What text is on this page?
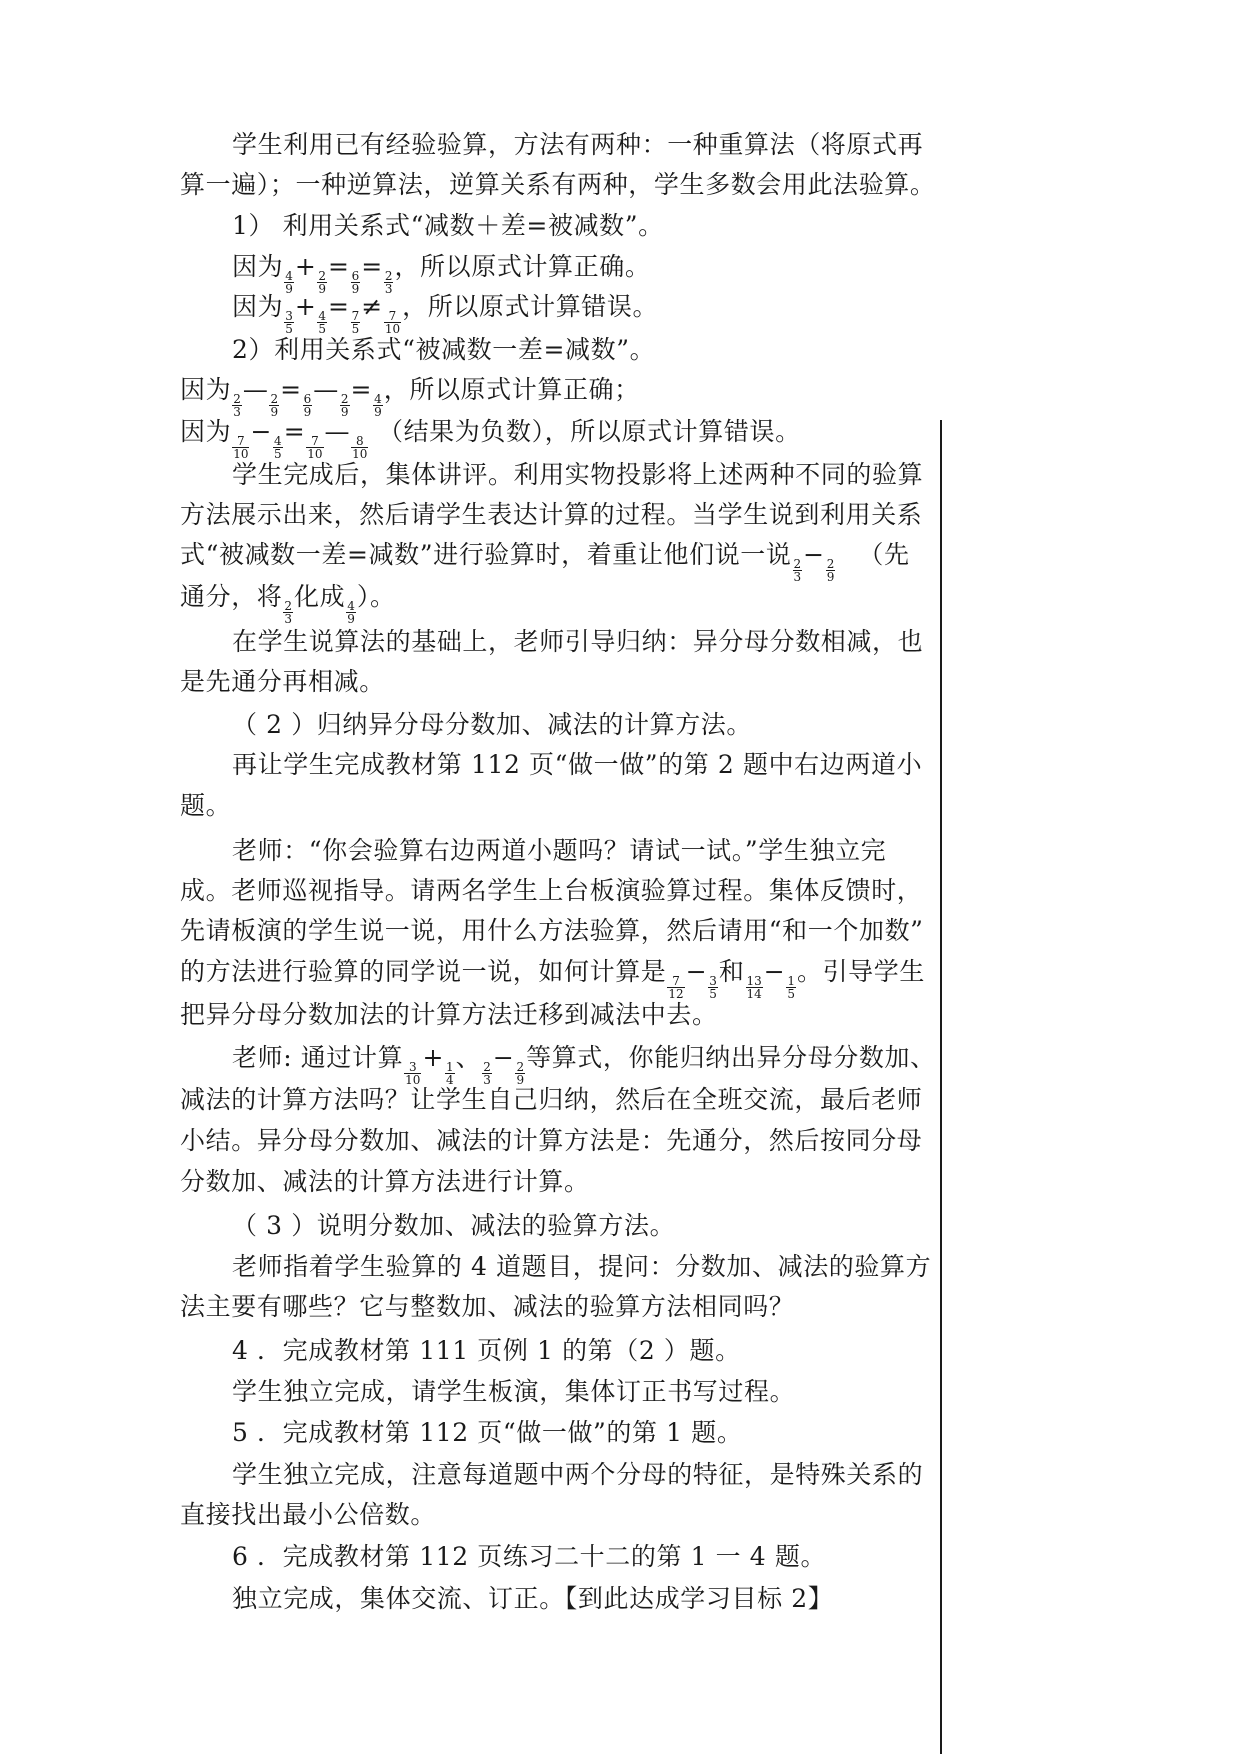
学生利用已有经验验算，方法有两种：一种重算法（将原式再
算一遍）；一种逆算法，逆算关系有两种，学生多数会用此法验算。
1） 利用关系式“减数＋差=被减数”。
因为
$\frac{4}{9}$
+
$\frac{2}{9}$
=
$\frac{6}{9}$
=
$\frac{2}{3}$
，所以原式计算正确。
因为
$\frac{3}{5}$
+
$\frac{4}{5}$
=
$\frac{7}{5}$
≠
$\frac{7}{10}$
，所以原式计算错误。
2）利用关系式“被减数一差=减数”。
因为
$\frac{2}{3}$
—
$\frac{2}{9}$
=
$\frac{6}{9}$
—
$\frac{2}{9}$
=
$\frac{4}{9}$
，所以原式计算正确；
因为
$\frac{7}{10}$
−
$\frac{4}{5}$
=
$\frac{7}{10}$
—
$\frac{8}{10}$
（结果为负数），所以原式计算错误。
学生完成后，集体讲评。利用实物投影将上述两种不同的验算
方法展示出来，然后请学生表达计算的过程。当学生说到利用关系
式“被减数一差=减数”进行验算时，着重让他们说一说
$\frac{2}{3}$
−
$\frac{2}{9}$
（先
通分，将
$\frac{2}{3}$
化成
$\frac{4}{9}$
）。
在学生说算法的基础上，老师引导归纳：异分母分数相减，也
是先通分再相减。
（ 2 ）归纳异分母分数加、减法的计算方法。
再让学生完成教材第 112 页“做一做”的第 2 题中右边两道小
题。
老师：“你会验算右边两道小题吗？请试一试。”学生独立完
成。老师巡视指导。请两名学生上台板演验算过程。集体反馈时，
先请板演的学生说一说，用什么方法验算，然后请用“和一个加数”
的方法进行验算的同学说一说，如何计算是
$\frac{7}{12}$
−
$\frac{3}{5}$
和
$\frac{13}{14}$
−
$\frac{1}{5}$
。引导学生
把异分母分数加法的计算方法迁移到减法中去。
老师: 通过计算
$\frac{3}{10}$
+
$\frac{1}{4}$
、
$\frac{2}{3}$
−
$\frac{2}{9}$
等算式，你能归纳出异分母分数加、
减法的计算方法吗？让学生自己归纳，然后在全班交流，最后老师
小结。异分母分数加、减法的计算方法是：先通分，然后按同分母
分数加、减法的计算方法进行计算。
（ 3 ）说明分数加、减法的验算方法。
老师指着学生验算的 4 道题目，提问：分数加、减法的验算方
法主要有哪些？它与整数加、减法的验算方法相同吗？
4 ．完成教材第 111 页例 1 的第（2 ）题。
学生独立完成，请学生板演，集体订正书写过程。
5 ．完成教材第 112 页“做一做”的第 1 题。
学生独立完成，注意每道题中两个分母的特征，是特殊关系的
直接找出最小公倍数。
6 ．完成教材第 112 页练习二十二的第 1 一 4 题。
独立完成，集体交流、订正。【到此达成学习目标 2】
